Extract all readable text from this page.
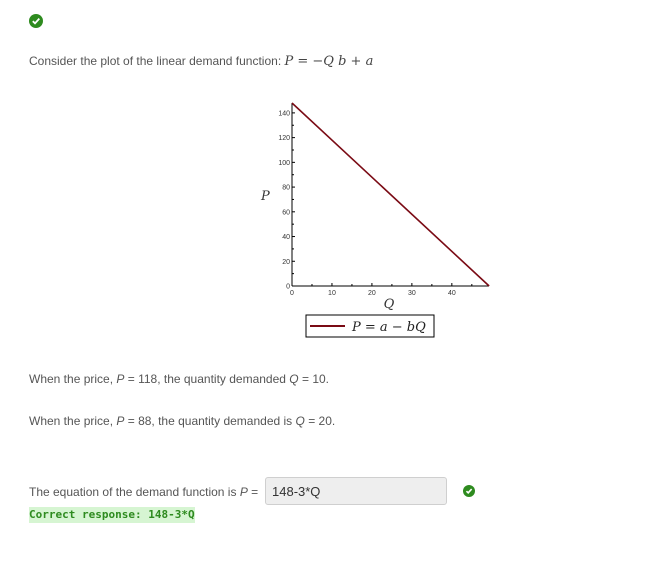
Consider the plot of the linear demand function: P = −Q b + a
P
0
20
40
60
80
100
120
140
0	10	20	30	40
Q
P = a − bQ
When the price, P = 118, the quantity demanded Q = 10.
When the price, P = 88, the quantity demanded is Q = 20.
The equation of the demand function is P =
148-3*Q
Correct response: 148-3*Q
